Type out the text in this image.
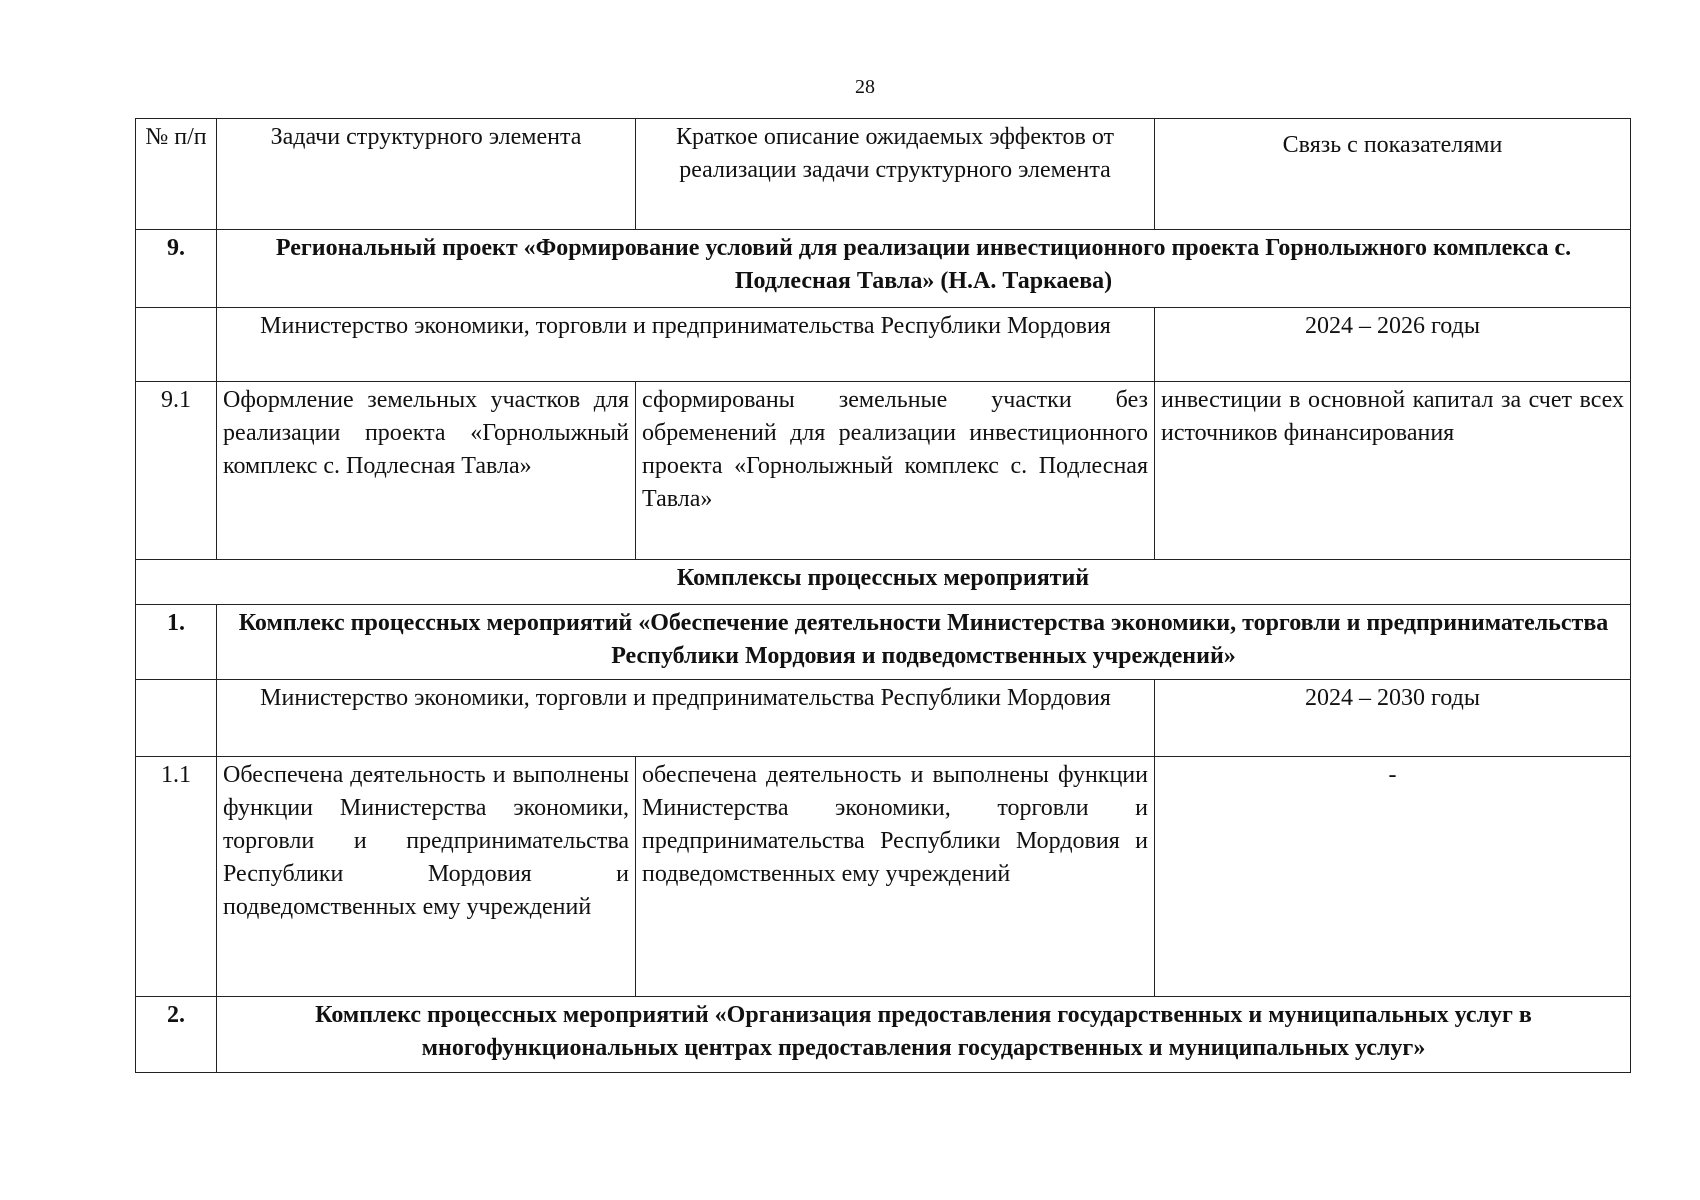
28
№ п/п	Задачи структурного элемента	Краткое описание ожидаемых эффектов от реализации задачи структурного элемента	Связь с показателями
9.	Региональный проект «Формирование условий для реализации инвестиционного проекта Горнолыжного комплекса с. Подлесная Тавла» (Н.А. Таркаева)		
	Министерство экономики, торговли и предпринимательства Республики Мордовия		2024 – 2026 годы
9.1	Оформление земельных участков для реализации проекта «Горнолыжный комплекс с. Подлесная Тавла»	сформированы земельные участки без обременений для реализации инвестиционного проекта «Горнолыжный комплекс с. Подлесная Тавла»	инвестиции в основной капитал за счет всех источников финансирования
Комплексы процессных мероприятий			
1.	Комплекс процессных мероприятий «Обеспечение деятельности Министерства экономики, торговли и предпринимательства Республики Мордовия и подведомственных учреждений»		
	Министерство экономики, торговли и предпринимательства Республики Мордовия		2024 – 2030 годы
1.1	Обеспечена деятельность и выполнены функции Министерства экономики, торговли и предпринимательства Республики Мордовия и подведомственных ему учреждений	обеспечена деятельность и выполнены функции Министерства экономики, торговли и предпринимательства Республики Мордовия и подведомственных ему учреждений	-
2.	Комплекс процессных мероприятий «Организация предоставления государственных и муниципальных услуг в многофункциональных центрах предоставления государственных и муниципальных услуг»		
